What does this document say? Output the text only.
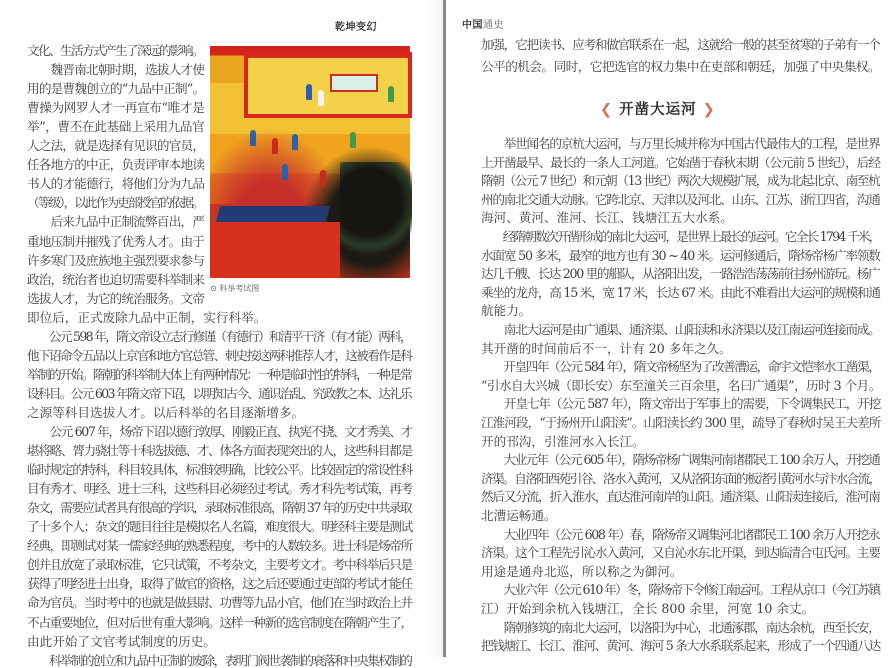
乾坤变幻
⊙ 科举考试图
文化、生活方式产生了深远的影响。
　　魏晋南北朝时期，选拔人才使
用的是曹魏创立的“九品中正制”。
曹操为网罗人才一再宣布“唯才是
举”，曹丕在此基础上采用九品官
人之法，就是选择有见识的官员，
任各地方的中正，负责评审本地读
书人的才能德行，将他们分为九品
（等级），以此作为吏部授官的依据。
　　后来九品中正制流弊百出，严
重地压制并摧残了优秀人才。由于
许多寒门及庶族地主强烈要求参与
政治，统治者也迫切需要科举制来
选拔人才，为它的统治服务。文帝
即位后，正式废除九品中正制，实行科举。
　　公元 598 年，隋文帝设立志行修谨（有德行）和清平干济（有才能）两科，
他下诏命令五品以上京官和地方官总管、刺史按这两科推荐人才，这被看作是科
举制的开始。隋朝的科举制大体上有两种情况：一种是临时性的特科，一种是常
设科目。公元 603 年隋文帝下诏，以明知古今、通识治乱、究政教之本、达礼乐
之源等科目选拔人才。以后科举的名目逐渐增多。
　　公元 607 年，炀帝下诏以德行敦厚、刚毅正直、执宪不挠、文才秀美、才
堪将略、膂力骁壮等十科选拔德、才、体各方面表现突出的人，这些科目都是
临时规定的特科，科目较具体，标准较明确，比较公平。比较固定的常设性科
目有秀才、明经、进士三科，这些科目必须经过考试。秀才科先考试策，再考
杂文，需要应试者具有很高的学识，录取标准很高，隋朝 37 年的历史中共录取
了十多个人；杂文的题目往往是模拟名人名篇，难度很大。明经科主要是测试
经典，即测试对某一儒家经典的熟悉程度，考中的人数较多。进士科是炀帝所
创并且放宽了录取标准，它只试策，不考杂文，主要考文才。考中科举后只是
获得了明经进士出身，取得了做官的资格，这之后还要通过吏部的考试才能任
命为官员。当时考中的也就是做县尉、功曹等九品小官，他们在当时政治上并
不占重要地位，但对后世有重大影响。这样一种新的选官制度在隋朝产生了，
由此开始了文官考试制度的历史。
　　科举制的创立和九品中正制的废除，表明门阀世袭制的衰落和中央集权制的
中国通史
加强，它把读书、应考和做官联系在一起，这就给一般的甚至贫寒的子弟有一个
公平的机会。同时，它把选官的权力集中在吏部和朝廷，加强了中央集权。
❮ 开凿大运河 ❯
　　举世闻名的京杭大运河，与万里长城并称为中国古代最伟大的工程，是世界
上开凿最早、最长的一条人工河道。它始凿于春秋末期（公元前 5 世纪），后经
隋朝（公元 7 世纪）和元朝（13 世纪）两次大规模扩展，成为北起北京、南至杭
州的南北交通大动脉。它跨北京、天津以及河北、山东、江苏、浙江四省，沟通
海河、黄河、淮河、长江、钱塘江五大水系。
　　经隋朝数次开凿形成的南北大运河，是世界上最长的运河。它全长 1794 千米，
水面宽 50 多米，最窄的地方也有 30 ~ 40 米。运河修通后，隋炀帝杨广率领数
达几千艘、长达 200 里的船队，从洛阳出发，一路浩浩荡荡前往扬州游玩。杨广
乘坐的龙舟，高 15 米，宽 17 米，长达 67 米。由此不难看出大运河的规模和通
航能力。
　　南北大运河是由广通渠、通济渠、山阳渎和永济渠以及江南运河连接而成。
其开凿的时间前后不一，计有 20 多年之久。
　　开皇四年（公元 584 年），隋文帝杨坚为了改善漕运，命宇文恺率水工凿渠，
“引水自大兴城（即长安）东至潼关三百余里，名曰广通渠”，历时 3 个月。
　　开皇七年（公元 587 年），隋文帝出于军事上的需要，下令调集民工，开挖
江淮河段，“于扬州开山阳渎”。山阳渎长约 300 里，疏导了春秋时吴王夫差所
开的邗沟，引淮河水入长江。
　　大业元年（公元 605 年），隋炀帝杨广调集河南诸郡民工 100 余万人，开挖通
济渠。自洛阳西苑引谷、洛水入黄河，又从洛阳东面的板渚引黄河水与汴水合流，
然后又分流，折入淮水，直达淮河南岸的山阳。通济渠、山阳渎连接后，淮河南
北漕运畅通。
　　大业四年（公元 608 年）春，隋炀帝又调集河北诸郡民工 100 余万人开挖永
济渠。这个工程先引沁水入黄河，又自沁水东北开渠，到达临清合屯氏河。主要
用途是通舟北巡，所以称之为御河。
　　大业六年（公元 610 年）冬，隋炀帝下令修江南运河。工程从京口（今江苏镇
江）开始到余杭入钱塘江，全长 800 余里，河宽 10 余丈。
　　隋朝修筑的南北大运河，以洛阳为中心，北通涿郡，南达余杭，西至长安，
把钱塘江、长江、淮河、黄河、海河 5 条大水系联系起来，形成了一个四通八达
